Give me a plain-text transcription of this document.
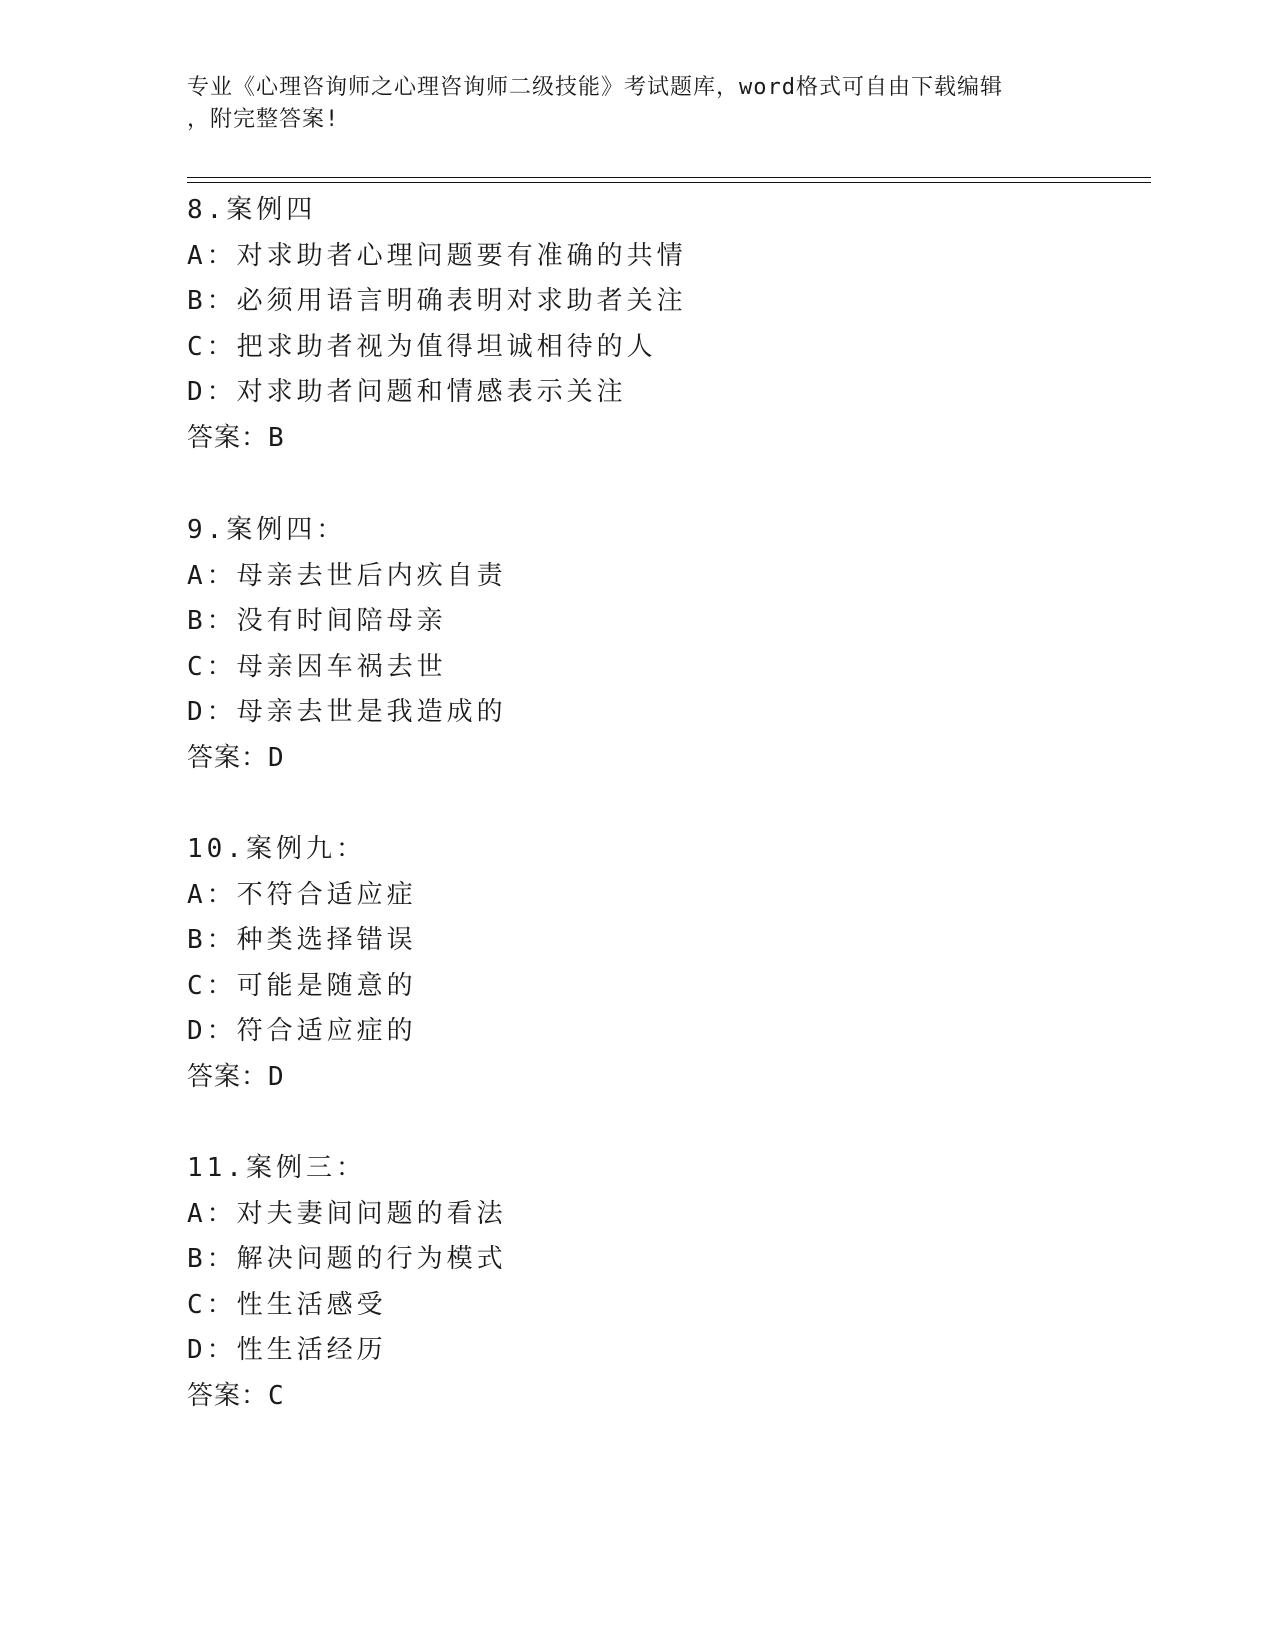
专业《心理咨询师之心理咨询师二级技能》考试题库，word格式可自由下载编辑
，附完整答案!
8.案例四
A：对求助者心理问题要有准确的共情
B：必须用语言明确表明对求助者关注
C：把求助者视为值得坦诚相待的人
D：对求助者问题和情感表示关注
答案：B
9.案例四：
A：母亲去世后内疚自责
B：没有时间陪母亲
C：母亲因车祸去世
D：母亲去世是我造成的
答案：D
10.案例九：
A：不符合适应症
B：种类选择错误
C：可能是随意的
D：符合适应症的
答案：D
11.案例三：
A：对夫妻间问题的看法
B：解决问题的行为模式
C：性生活感受
D：性生活经历
答案：C
